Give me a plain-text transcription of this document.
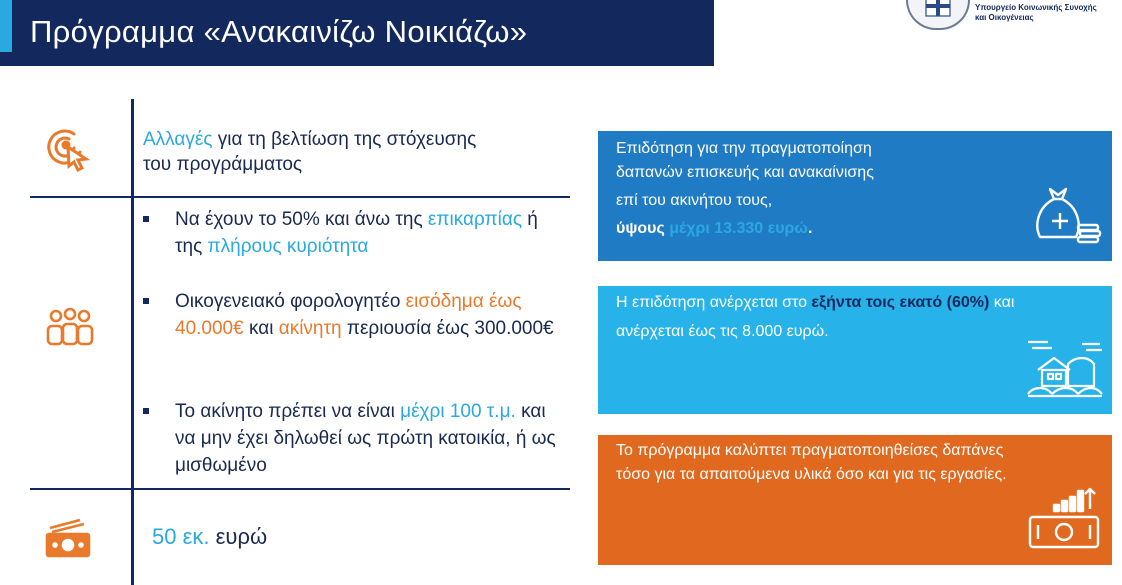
Πρόγραμμα «Ανακαινίζω Νοικιάζω»
Υπουργείο Κοινωνικής Συνοχής
και Οικογένειας
Αλλαγές για τη βελτίωση της στόχευσης
του προγράμματος
Να έχουν το 50% και άνω της επικαρπίας ή της πλήρους κυριότητα
Οικογενειακό φορολογητέο εισόδημα έως 40.000€ και ακίνητη περιουσία έως 300.000€
Το ακίνητο πρέπει να είναι μέχρι 100 τ.μ. και να μην έχει δηλωθεί ως πρώτη κατοικία, ή ως μισθωμένο
50 εκ. ευρώ
Επιδότηση για την πραγματοποίηση
δαπανών επισκευής και ανακαίνισης
επί του ακινήτου τους,
ύψους μέχρι 13.330 ευρώ.
Η επιδότηση ανέρχεται στο εξήντα τοις εκατό (60%) και ανέρχεται έως τις 8.000 ευρώ.
Το πρόγραμμα καλύπτει πραγματοποιηθείσες δαπάνες τόσο για τα απαιτούμενα υλικά όσο και για τις εργασίες.
